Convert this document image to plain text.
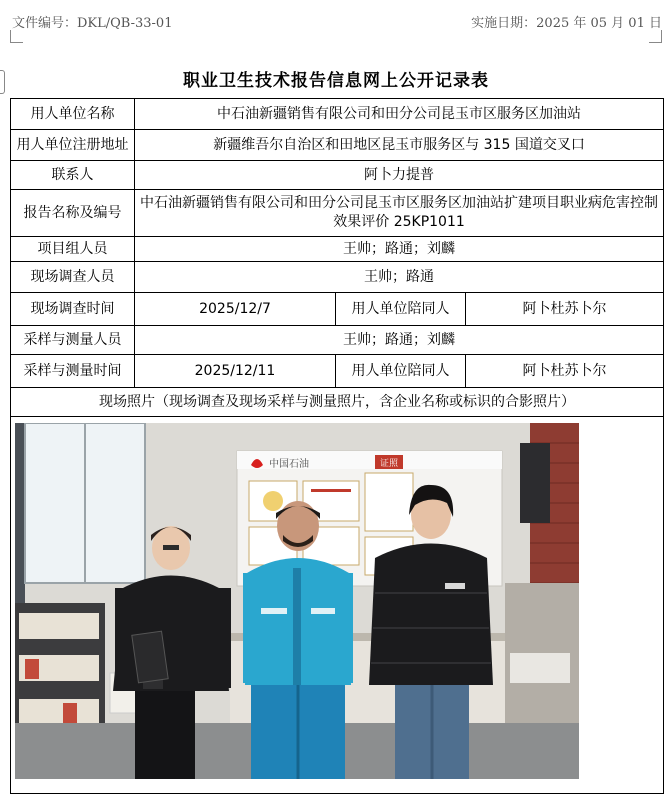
文件编号：DKL/QB-33-01	实施日期：2025 年 05 月 01 日
职业卫生技术报告信息网上公开记录表
用人单位名称	中石油新疆销售有限公司和田分公司昆玉市区服务区加油站		
用人单位注册地址	新疆维吾尔自治区和田地区昆玉市服务区与 315 国道交叉口		
联系人	阿卜力提普		
报告名称及编号	中石油新疆销售有限公司和田分公司昆玉市区服务区加油站扩建项目职业病危害控制效果评价 25KP1011		
项目组人员	王帅；路通；刘麟		
现场调查人员	王帅；路通		
现场调查时间	2025/12/7	用人单位陪同人	阿卜杜苏卜尔
采样与测量人员	王帅；路通；刘麟		
采样与测量时间	2025/12/11	用人单位陪同人	阿卜杜苏卜尔
现场照片（现场调查及现场采样与测量照片，含企业名称或标识的合影照片）			

中国石油 证照			
